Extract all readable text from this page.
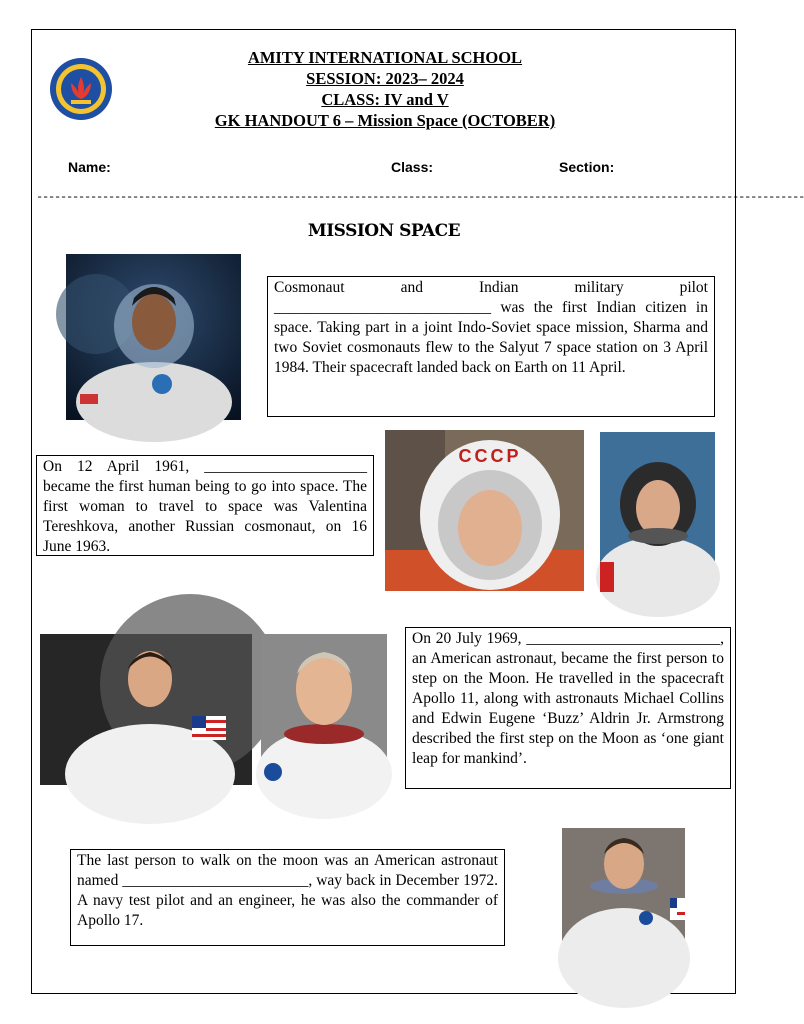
AMITY INTERNATIONAL SCHOOL
SESSION: 2023– 2024
CLASS: IV and V
GK HANDOUT 6 – Mission Space (OCTOBER)
Name:	Class:	Section:
--------------------------------------------------------------------------------------------------------------------------------
MISSION SPACE
Cosmonaut and Indian military pilot ____________________________ was the first Indian citizen in space. Taking part in a joint Indo-Soviet space mission, Sharma and two Soviet cosmonauts flew to the Salyut 7 space station on 3 April 1984. Their spacecraft landed back on Earth on 11 April.
On 12 April 1961, _____________________ became the first human being to go into space. The first woman to travel to space was Valentina Tereshkova, another Russian cosmonaut, on 16 June 1963.
CCCP
On 20 July 1969, _________________________, an American astronaut, became the first person to step on the Moon. He travelled in the spacecraft Apollo 11, along with astronauts Michael Collins and Edwin Eugene ‘Buzz’ Aldrin Jr. Armstrong described the first step on the Moon as ‘one giant leap for mankind’.
The last person to walk on the moon was an American astronaut named ________________________, way back in December 1972. A navy test pilot and an engineer, he was also the commander of Apollo 17.
